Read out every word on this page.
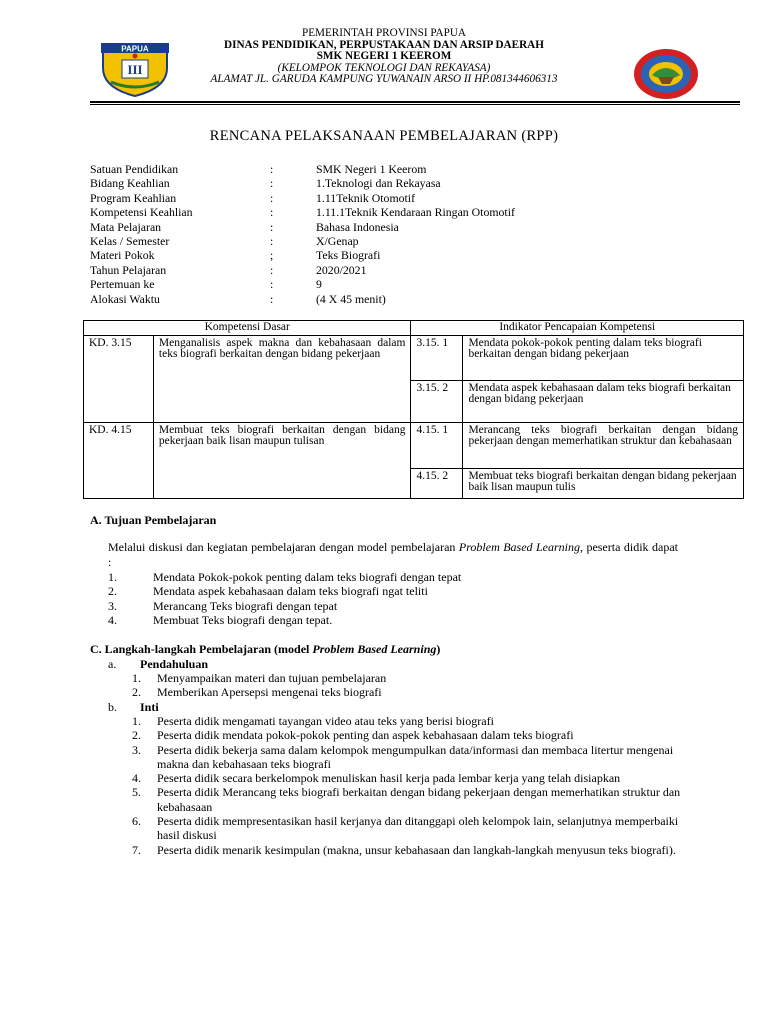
PAPUA
III
PEMERINTAH PROVINSI PAPUA
DINAS PENDIDIKAN, PERPUSTAKAAN DAN ARSIP DAERAH
SMK NEGERI 1 KEEROM
(KELOMPOK TEKNOLOGI DAN REKAYASA)
ALAMAT JL. GARUDA KAMPUNG YUWANAIN ARSO II HP.081344606313
RENCANA PELAKSANAAN PEMBELAJARAN (RPP)
Satuan Pendidikan	:	SMK Negeri 1 Keerom
Bidang Keahlian	:	1.Teknologi dan Rekayasa
Program Keahlian	:	1.11Teknik Otomotif
Kompetensi Keahlian	:	1.11.1Teknik Kendaraan Ringan Otomotif
Mata Pelajaran	:	Bahasa Indonesia
Kelas / Semester	:	X/Genap
Materi Pokok	;	Teks Biografi
Tahun Pelajaran	:	2020/2021
Pertemuan ke	:	9
Alokasi Waktu	:	(4 X 45 menit)
Kompetensi Dasar		Indikator Pencapaian Kompetensi	
KD. 3.15	Menganalisis aspek makna dan kebahasaan dalam teks biografi berkaitan dengan bidang pekerjaan	3.15. 1	Mendata pokok-pokok penting dalam teks biografi berkaitan dengan bidang pekerjaan
		3.15. 2	Mendata aspek kebahasaan dalam teks biografi berkaitan dengan bidang pekerjaan
KD. 4.15	Membuat teks biografi berkaitan dengan bidang pekerjaan baik lisan maupun tulisan	4.15. 1	Merancang teks biografi berkaitan dengan bidang pekerjaan dengan memerhatikan struktur dan kebahasaan
		4.15. 2	Membuat teks biografi berkaitan dengan bidang pekerjaan baik lisan maupun tulis
A. Tujuan Pembelajaran
Melalui diskusi dan kegiatan pembelajaran dengan model pembelajaran Problem Based Learning, peserta didik dapat :
1.	Mendata Pokok-pokok penting dalam teks biografi dengan tepat
2.	Mendata aspek kebahasaan dalam teks biografi ngat teliti
3.	Merancang Teks biografi dengan tepat
4.	Membuat Teks biografi dengan tepat.
C. Langkah-langkah Pembelajaran (model Problem Based Learning)
a. Pendahuluan
1. Menyampaikan materi dan tujuan pembelajaran
2. Memberikan Apersepsi mengenai teks biografi
b. Inti
1. Peserta didik mengamati tayangan video atau teks yang berisi biografi
2. Peserta didik mendata pokok-pokok penting dan aspek kebahasaan dalam teks biografi
3. Peserta didik bekerja sama dalam kelompok mengumpulkan data/informasi dan membaca litertur mengenai makna dan kebahasaan teks biografi
4. Peserta didik secara berkelompok menuliskan hasil kerja pada lembar kerja yang telah disiapkan
5. Peserta didik Merancang teks biografi berkaitan dengan bidang pekerjaan dengan memerhatikan struktur dan kebahasaan
6. Peserta didik mempresentasikan hasil kerjanya dan ditanggapi oleh kelompok lain, selanjutnya memperbaiki hasil diskusi
7. Peserta didik menarik kesimpulan (makna, unsur kebahasaan dan langkah-langkah menyusun teks biografi).
